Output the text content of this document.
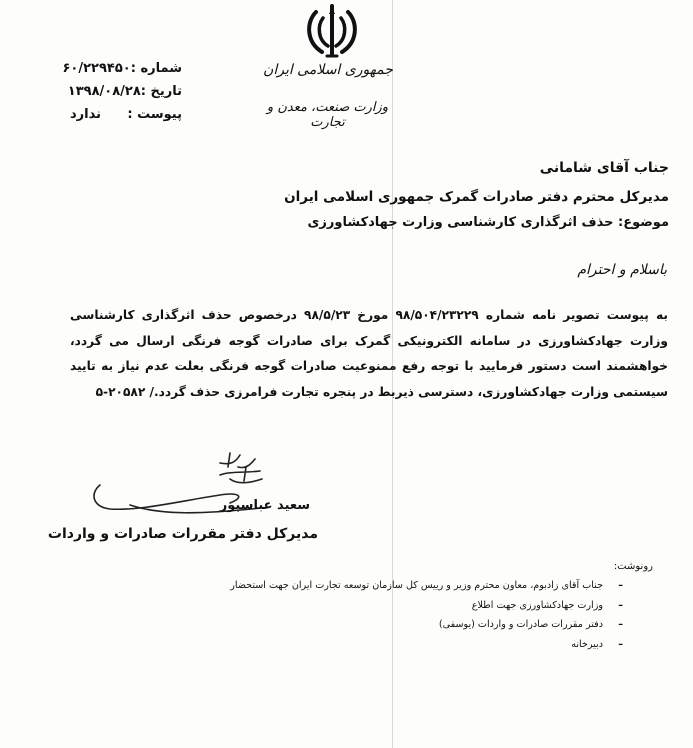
جمهوری اسلامی ایران
وزارت صنعت، معدن و تجارت
شماره :
۶۰/۲۲۹۴۵۰
تاریخ :
۱۳۹۸/۰۸/۲۸
پیوست :
ندارد
جناب آقای شامانی
مدیرکل محترم دفتر صادرات گمرک جمهوری اسلامی ایران
موضوع: حذف اثرگذاری کارشناسی وزارت جهادکشاورزی
باسلام و احترام
به پیوست تصویر نامه شماره ۹۸/۵۰۴/۲۳۲۲۹ مورخ ۹۸/۵/۲۳ درخصوص حذف اثرگذاری کارشناسی وزارت جهادکشاورزی در سامانه الکترونیکی گمرک برای صادرات گوجه فرنگی ارسال می گردد، خواهشمند است دستور فرمایید با توجه رفع ممنوعیت صادرات گوجه فرنگی بعلت عدم نیاز به تایید سیستمی وزارت جهادکشاورزی، دسترسی ذیربط در پنجره تجارت فرامرزی حذف گردد./ ۲۰۵۸۲-۵
سعید عباسپور
مدیرکل دفتر مقررات صادرات و واردات
رونوشت:
–
جناب آقای زادبوم، معاون محترم وزیر و رییس کل سازمان توسعه تجارت ایران جهت استحضار
–
وزارت جهادکشاورزی جهت اطلاع
–
دفتر مقررات صادرات و واردات (یوسفی)
–
دبیرخانه
